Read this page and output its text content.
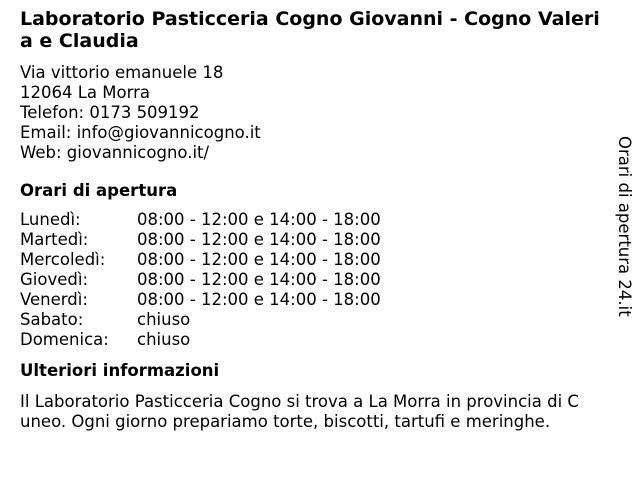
Laboratorio Pasticceria Cogno Giovanni - Cogno Valeria e Claudia
Via vittorio emanuele 18
12064 La Morra
Telefon: 0173 509192
Email: info@giovannicogno.it
Web: giovannicogno.it/
Orari di apertura
Lunedì:	08:00 - 12:00 e 14:00 - 18:00
Martedì:	08:00 - 12:00 e 14:00 - 18:00
Mercoledì:	08:00 - 12:00 e 14:00 - 18:00
Giovedì:	08:00 - 12:00 e 14:00 - 18:00
Venerdì:	08:00 - 12:00 e 14:00 - 18:00
Sabato:	chiuso
Domenica:	chiuso
Ulteriori informazioni
Il Laboratorio Pasticceria Cogno si trova a La Morra in provincia di Cuneo. Ogni giorno prepariamo torte, biscotti, tartufi e meringhe.
Orari di apertura 24.it
